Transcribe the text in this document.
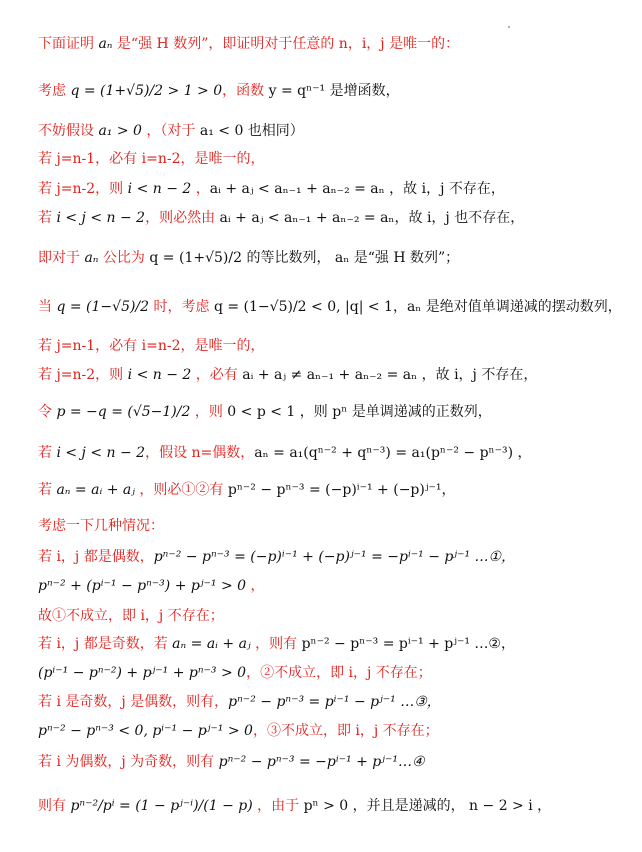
下面证明 aₙ 是“强 H 数列”，即证明对于任意的 n，i，j 是唯一的：
考虑 q = (1+√5)/2 > 1 > 0，函数 y = qⁿ⁻¹ 是增函数，
不妨假设 a₁ > 0 ，（对于 a₁ < 0 也相同）
若 j=n-1，必有 i=n-2，是唯一的，
若 j=n-2，则 i < n − 2 ，aᵢ + aⱼ < aₙ₋₁ + aₙ₋₂ = aₙ ，故 i，j 不存在，
若 i < j < n − 2，则必然由 aᵢ + aⱼ < aₙ₋₁ + aₙ₋₂ = aₙ，故 i，j 也不存在，
即对于 aₙ 公比为 q = (1+√5)/2 的等比数列， aₙ 是“强 H 数列”；
当 q = (1−√5)/2 时，考虑 q = (1−√5)/2 < 0, |q| < 1，aₙ 是绝对值单调递减的摆动数列，
若 j=n-1，必有 i=n-2，是唯一的，
若 j=n-2，则 i < n − 2 ，必有 aᵢ + aⱼ ≠ aₙ₋₁ + aₙ₋₂ = aₙ ，故 i，j 不存在，
令 p = −q = (√5−1)/2 ，则 0 < p < 1 ，则 pⁿ 是单调递减的正数列，
若 i < j < n − 2，假设 n=偶数，aₙ = a₁(qⁿ⁻² + qⁿ⁻³) = a₁(pⁿ⁻² − pⁿ⁻³) ，
若 aₙ = aᵢ + aⱼ ，则必①②有 pⁿ⁻² − pⁿ⁻³ = (−p)ⁱ⁻¹ + (−p)ʲ⁻¹，
考虑一下几种情况：
若 i，j 都是偶数，pⁿ⁻² − pⁿ⁻³ = (−p)ⁱ⁻¹ + (−p)ʲ⁻¹ = −pⁱ⁻¹ − pʲ⁻¹ …①，
pⁿ⁻² + (pⁱ⁻¹ − pⁿ⁻³) + pʲ⁻¹ > 0 ，
故①不成立，即 i，j 不存在；
若 i，j 都是奇数，若 aₙ = aᵢ + aⱼ ，则有 pⁿ⁻² − pⁿ⁻³ = pⁱ⁻¹ + pʲ⁻¹ …②，
(pⁱ⁻¹ − pⁿ⁻²) + pʲ⁻¹ + pⁿ⁻³ > 0，②不成立，即 i，j 不存在；
若 i 是奇数，j 是偶数，则有，pⁿ⁻² − pⁿ⁻³ = pⁱ⁻¹ − pʲ⁻¹ …③，
pⁿ⁻² − pⁿ⁻³ < 0, pⁱ⁻¹ − pʲ⁻¹ > 0，③不成立，即 i，j 不存在；
若 i 为偶数，j 为奇数，则有 pⁿ⁻² − pⁿ⁻³ = −pⁱ⁻¹ + pʲ⁻¹…④
则有 pⁿ⁻²/pⁱ = (1 − pʲ⁻ⁱ)/(1 − p) ，由于 pⁿ > 0 ，并且是递减的， n − 2 > i ，
